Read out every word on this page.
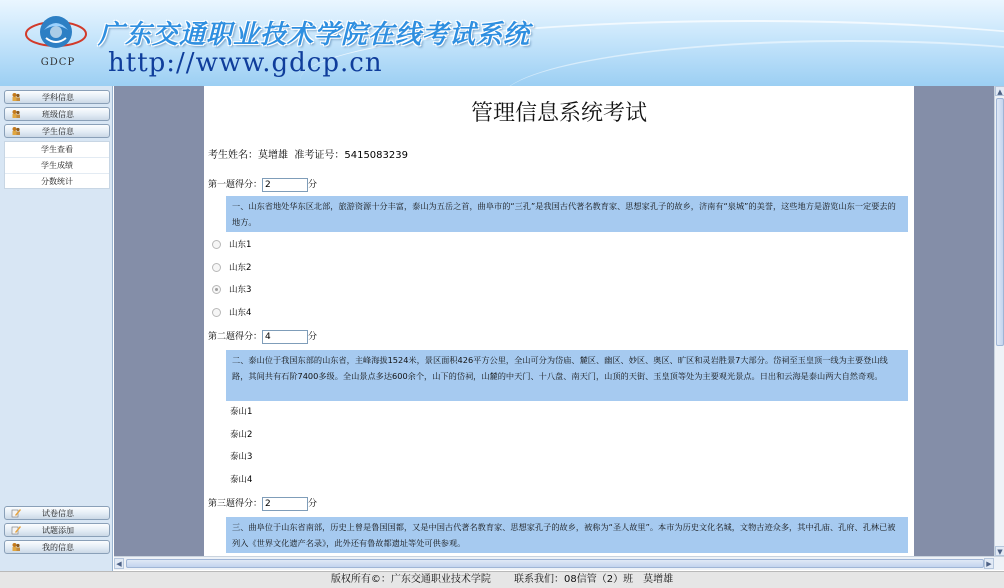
GDCP
广东交通职业技术学院在线考试系统
http://www.gdcp.cn
学科信息
班级信息
学生信息
学生查看
学生成绩
分数统计
试卷信息
试题添加
我的信息
管理信息系统考试
考生姓名：莫增雄 准考证号：5415083239
第一题得分：2	分
一、山东省地处华东区北部，旅游资源十分丰富，泰山为五岳之首，曲阜市的“三孔”是我国古代著名教育家、思想家孔子的故乡，济南有“泉城”的美誉，这些地方是游览山东一定要去的地方。
山东1
山东2
山东3
山东4
第二题得分：4	分
二、泰山位于我国东部的山东省，主峰海拔1524米，景区面积426平方公里，全山可分为岱庙、麓区、幽区、妙区、奥区、旷区和灵岩胜景7大部分。岱祠至玉皇顶一线为主要登山线路，其间共有石阶7400多级。全山景点多达600余个，山下的岱祠，山麓的中天门、十八盘、南天门，山顶的天街、玉皇顶等处为主要观光景点。日出和云海是泰山两大自然奇观。
泰山1
泰山2
泰山3
泰山4
第三题得分：2	分
三、曲阜位于山东省南部，历史上曾是鲁国国都，又是中国古代著名教育家、思想家孔子的故乡，被称为“圣人故里”。本市为历史文化名城，文物古迹众多，其中孔庙、孔府、孔林已被列入《世界文化遗产名录》，此外还有鲁故都遗址等处可供参观。
▲
▼
◀	▶
版权所有©：广东交通职业技术学院 联系我们：08信管（2）班　莫增雄
